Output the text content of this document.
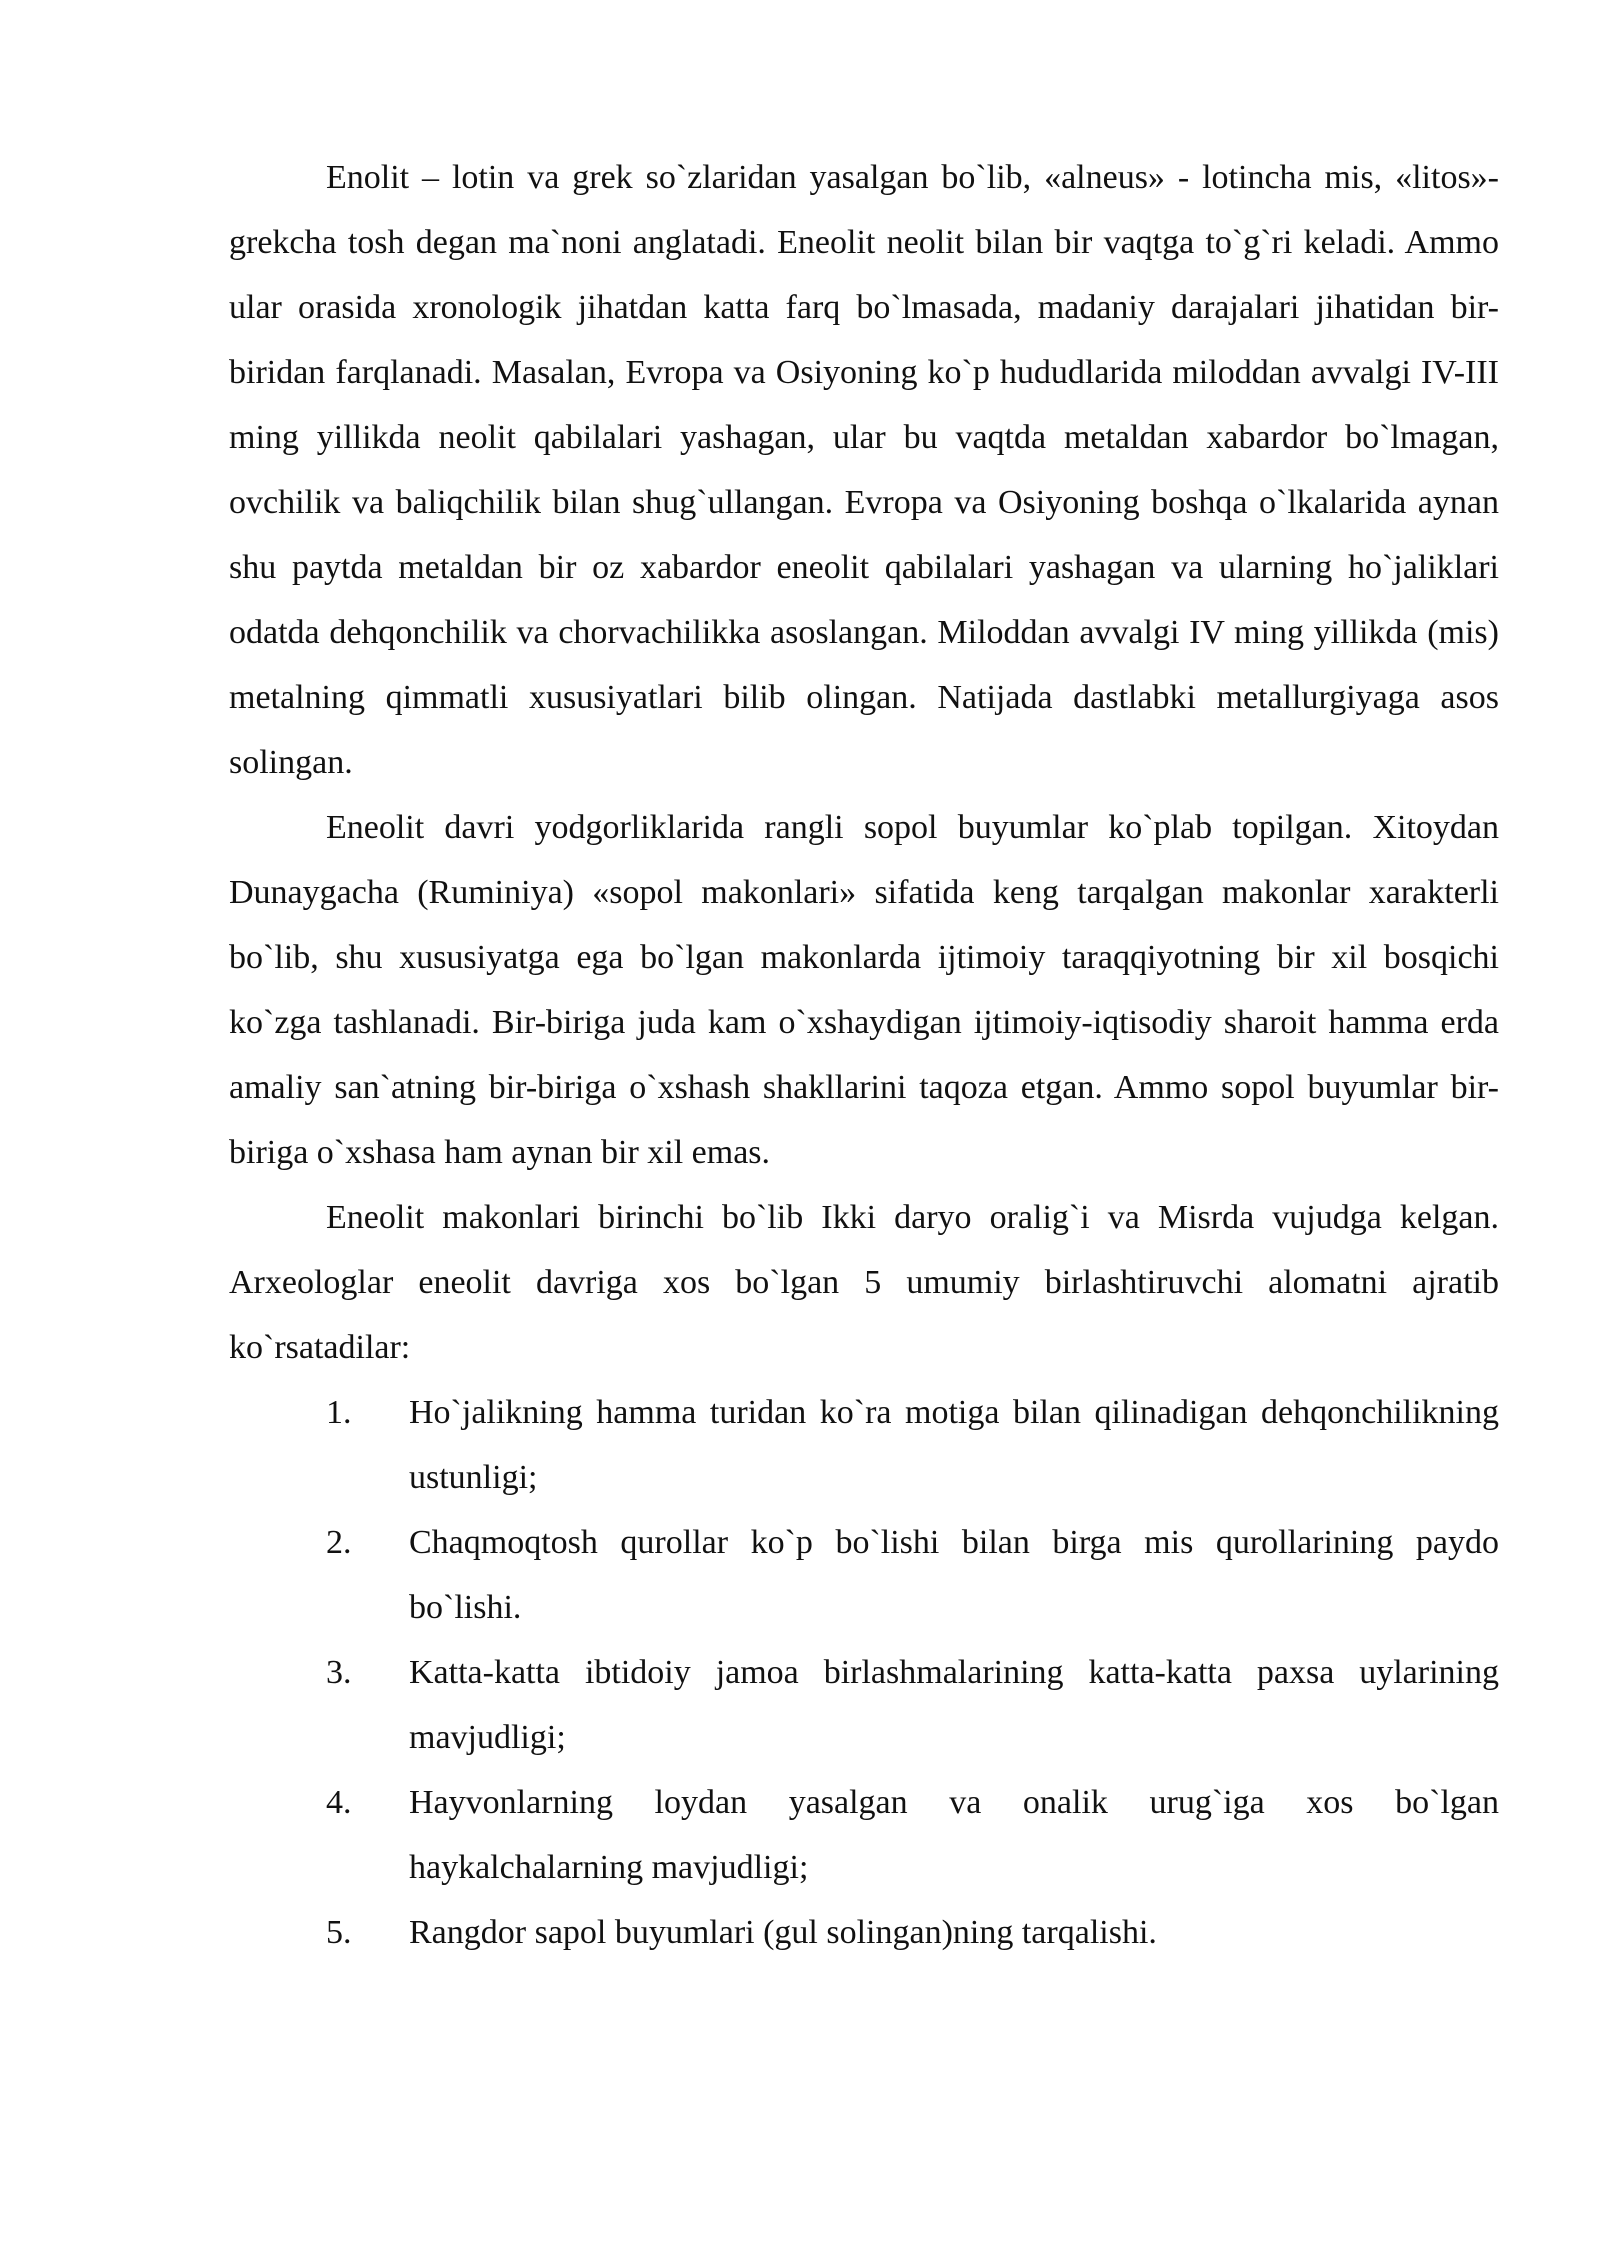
Enolit – lotin va grek so`zlaridan yasalgan bo`lib, «alneus» - lotincha mis, «litos»-grekcha tosh degan ma`noni anglatadi. Eneolit neolit bilan bir vaqtga to`g`ri keladi. Ammo ular orasida xronologik jihatdan katta farq bo`lmasada, madaniy darajalari jihatidan bir-biridan farqlanadi. Masalan, Evropa va Osiyoning ko`p hududlarida miloddan avvalgi IV-III ming yillikda neolit qabilalari yashagan, ular bu vaqtda metaldan xabardor bo`lmagan, ovchilik va baliqchilik bilan shug`ullangan. Evropa va Osiyoning boshqa o`lkalarida aynan shu paytda metaldan bir oz xabardor eneolit qabilalari yashagan va ularning ho`jaliklari odatda dehqonchilik va chorvachilikka asoslangan. Miloddan avvalgi IV ming yillikda (mis) metalning qimmatli xususiyatlari bilib olingan. Natijada dastlabki metallurgiyaga asos solingan.

Eneolit davri yodgorliklarida rangli sopol buyumlar ko`plab topilgan. Xitoydan Dunaygacha (Ruminiya) «sopol makonlari» sifatida keng tarqalgan makonlar xarakterli bo`lib, shu xususiyatga ega bo`lgan makonlarda ijtimoiy taraqqiyotning bir xil bosqichi ko`zga tashlanadi. Bir-biriga juda kam o`xshaydigan ijtimoiy-iqtisodiy sharoit hamma erda amaliy san`atning bir-biriga o`xshash shakllarini taqoza etgan. Ammo sopol buyumlar bir-biriga o`xshasa ham aynan bir xil emas.

Eneolit makonlari birinchi bo`lib Ikki daryo oralig`i va Misrda vujudga kelgan. Arxeologlar eneolit davriga xos bo`lgan 5 umumiy birlashtiruvchi alomatni ajratib ko`rsatadilar:

1. Ho`jalikning hamma turidan ko`ra motiga bilan qilinadigan dehqonchilikning ustunligi;
2. Chaqmoqtosh qurollar ko`p bo`lishi bilan birga mis qurollarining paydo bo`lishi.
3. Katta-katta ibtidoiy jamoa birlashmalarining katta-katta paxsa uylarining mavjudligi;
4. Hayvonlarning loydan yasalgan va onalik urug`iga xos bo`lgan haykalchalarning mavjudligi;
5. Rangdor sapol buyumlari (gul solingan)ning tarqalishi.
